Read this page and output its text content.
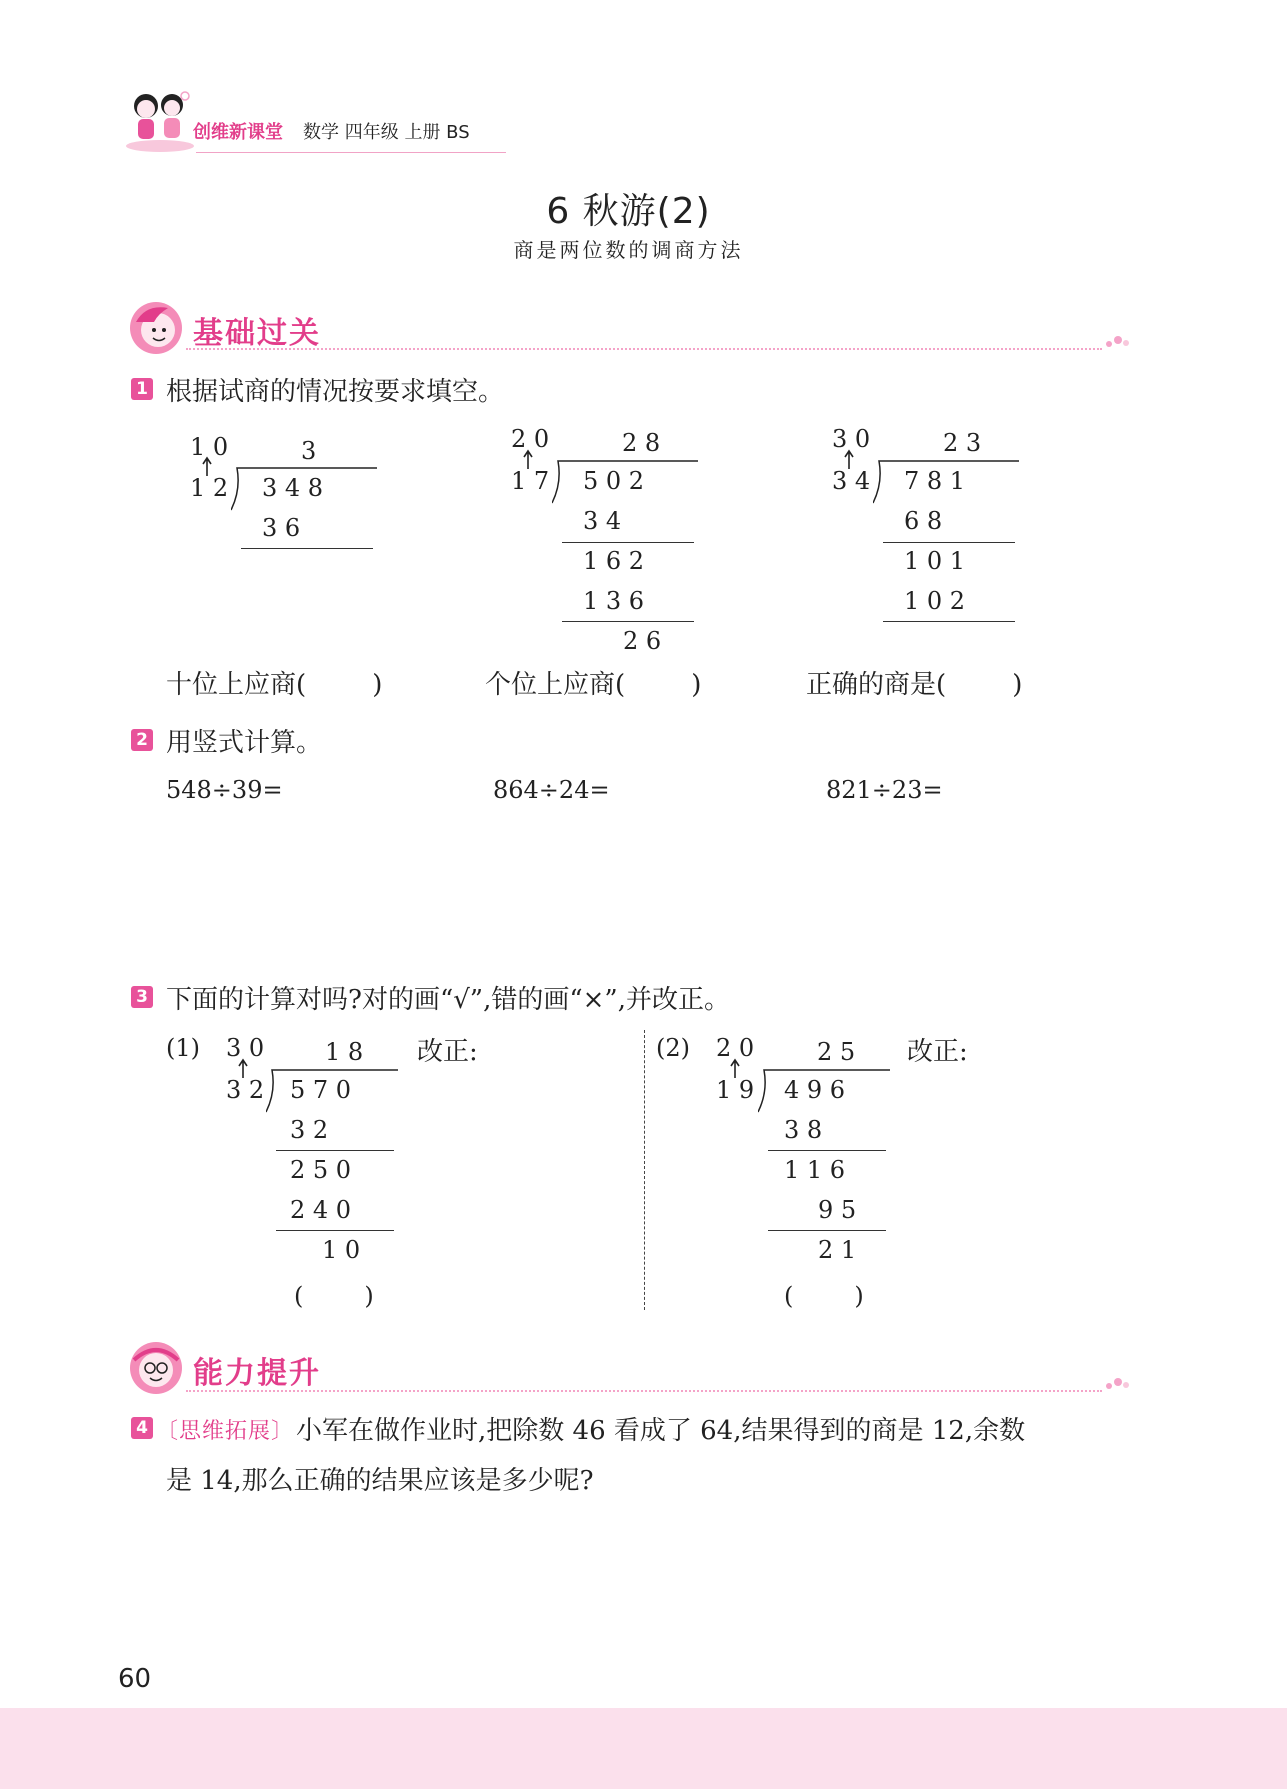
创维新课堂 数学 四年级 上册 BS
6 秋游(2)
商是两位数的调商方法
基础过关
1 根据试商的情况按要求填空。
1 0	3
1 2 3 4 8
3 6
2 0	2 8
1 7 5 0 2
3 4
1 6 2
1 3 6
2 6
3 0	2 3
3 4 7 8 1
6 8
1 0 1
1 0 2
十位上应商(        )	个位上应商(        )	正确的商是(        )
2 用竖式计算。
548÷39=	864÷24=	821÷23=
3 下面的计算对吗?对的画“√”,错的画“×”,并改正。
(1) 3 0	1 8 改正:
3 2 5 7 0
3 2
2 5 0
2 4 0
1 0
(        )
(2) 2 0	2 5 改正:
1 9 4 9 6
3 8
1 1 6
9 5
2 1
(        )
能力提升
4 〔思维拓展〕 小军在做作业时,把除数 46 看成了 64,结果得到的商是 12,余数
是 14,那么正确的结果应该是多少呢?
60
